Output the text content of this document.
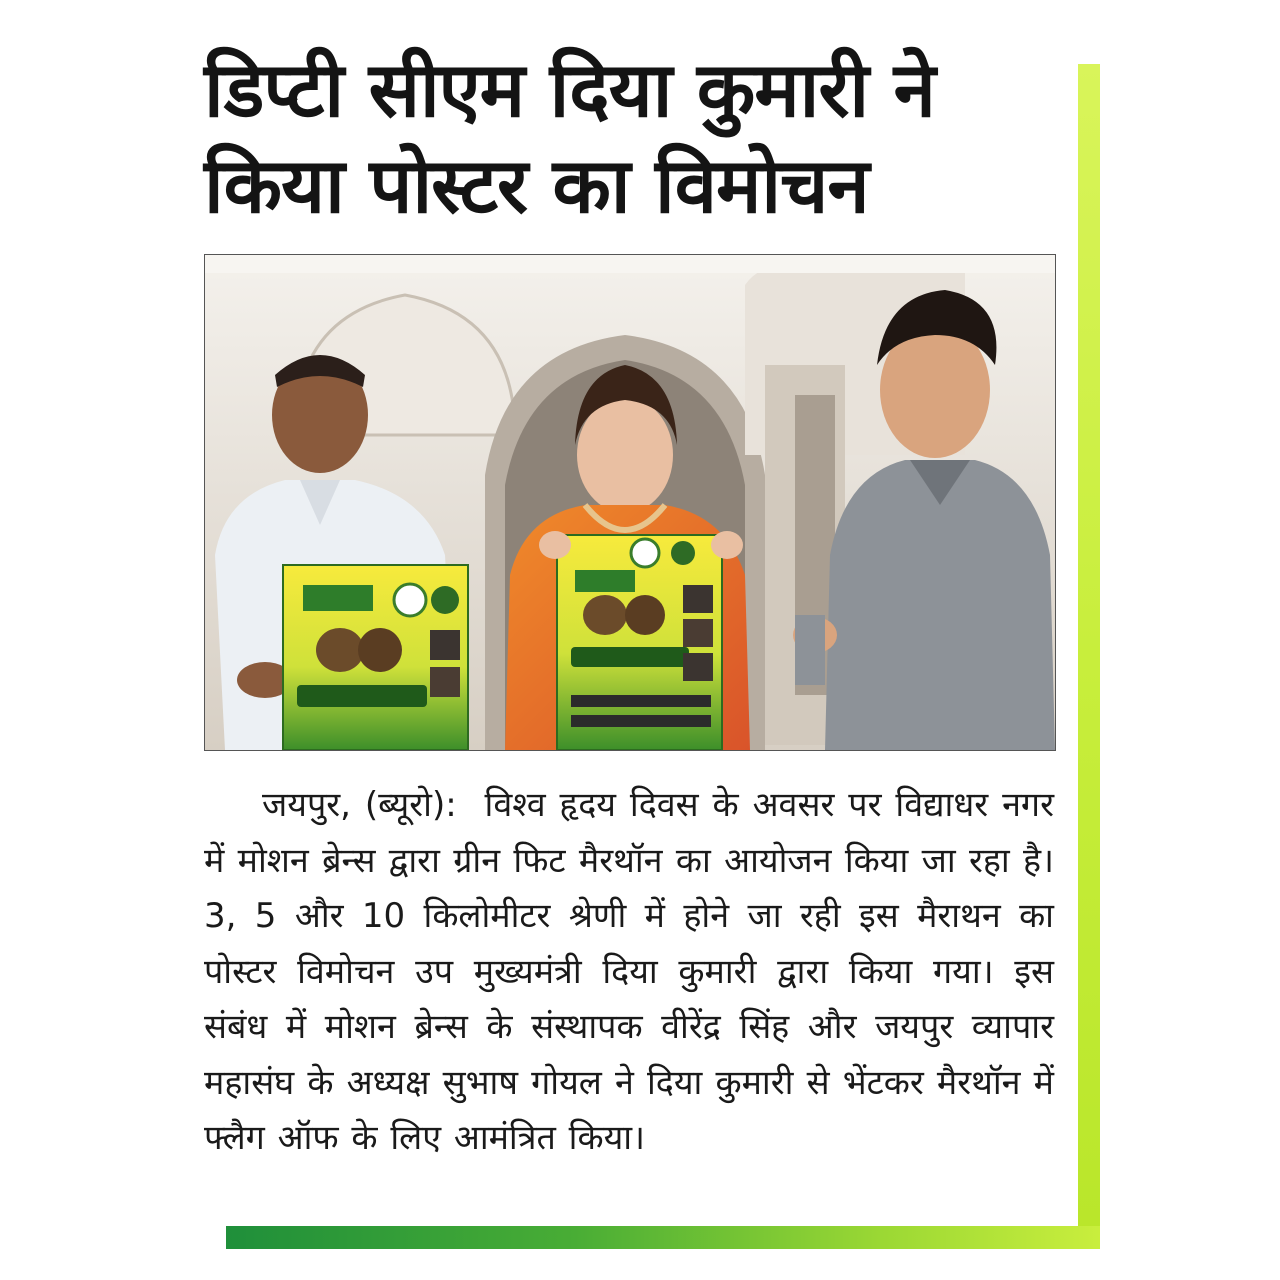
डिप्टी सीएम दिया कुमारी ने
किया पोस्टर का विमोचन

जयपुर, (ब्यूरो): विश्व हृदय दिवस के अवसर पर विद्याधर नगर में मोशन ब्रेन्स द्वारा ग्रीन फिट मैरथॉन का आयोजन किया जा रहा है। 3, 5 और 10 किलोमीटर श्रेणी में होने जा रही इस मैराथन का पोस्टर विमोचन उप मुख्यमंत्री दिया कुमारी द्वारा किया गया। इस संबंध में मोशन ब्रेन्स के संस्थापक वीरेंद्र सिंह और जयपुर व्यापार महासंघ के अध्यक्ष सुभाष गोयल ने दिया कुमारी से भेंटकर मैरथॉन में फ्लैग ऑफ के लिए आमंत्रित किया।
